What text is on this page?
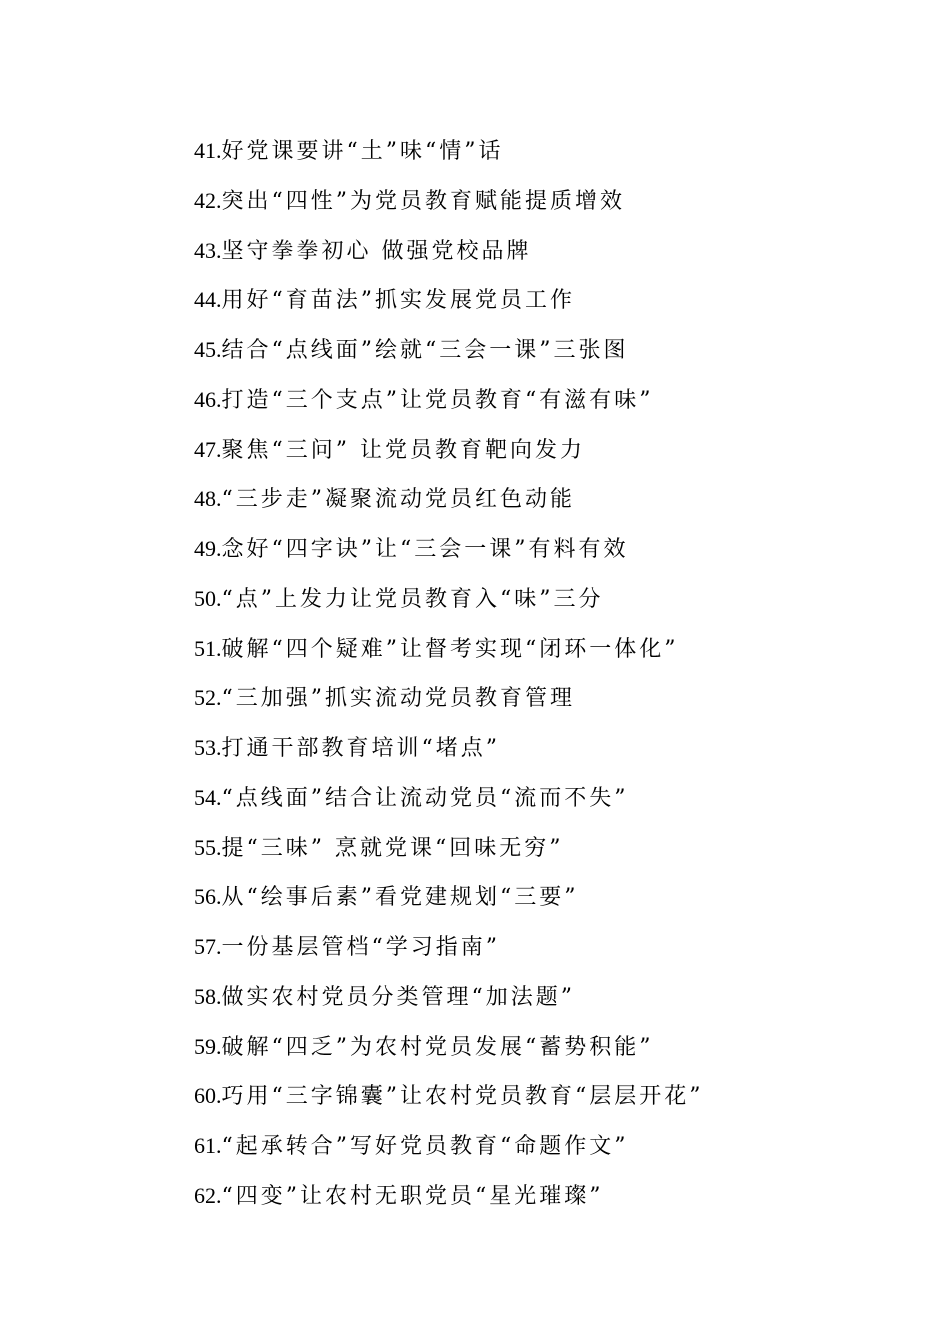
41.好党课要讲“土”味“情”话
42.突出“四性”为党员教育赋能提质增效
43.坚守拳拳初心 做强党校品牌
44.用好“育苗法”抓实发展党员工作
45.结合“点线面”绘就“三会一课”三张图
46.打造“三个支点”让党员教育“有滋有味”
47.聚焦“三问” 让党员教育靶向发力
48.“三步走”凝聚流动党员红色动能
49.念好“四字诀”让“三会一课”有料有效
50.“点”上发力让党员教育入“味”三分
51.破解“四个疑难”让督考实现“闭环一体化”
52.“三加强”抓实流动党员教育管理
53.打通干部教育培训“堵点”
54.“点线面”结合让流动党员“流而不失”
55.提“三味” 烹就党课“回味无穷”
56.从“绘事后素”看党建规划“三要”
57.一份基层管档“学习指南”
58.做实农村党员分类管理“加法题”
59.破解“四乏”为农村党员发展“蓄势积能”
60.巧用“三字锦囊”让农村党员教育“层层开花”
61.“起承转合”写好党员教育“命题作文”
62.“四变”让农村无职党员“星光璀璨”
